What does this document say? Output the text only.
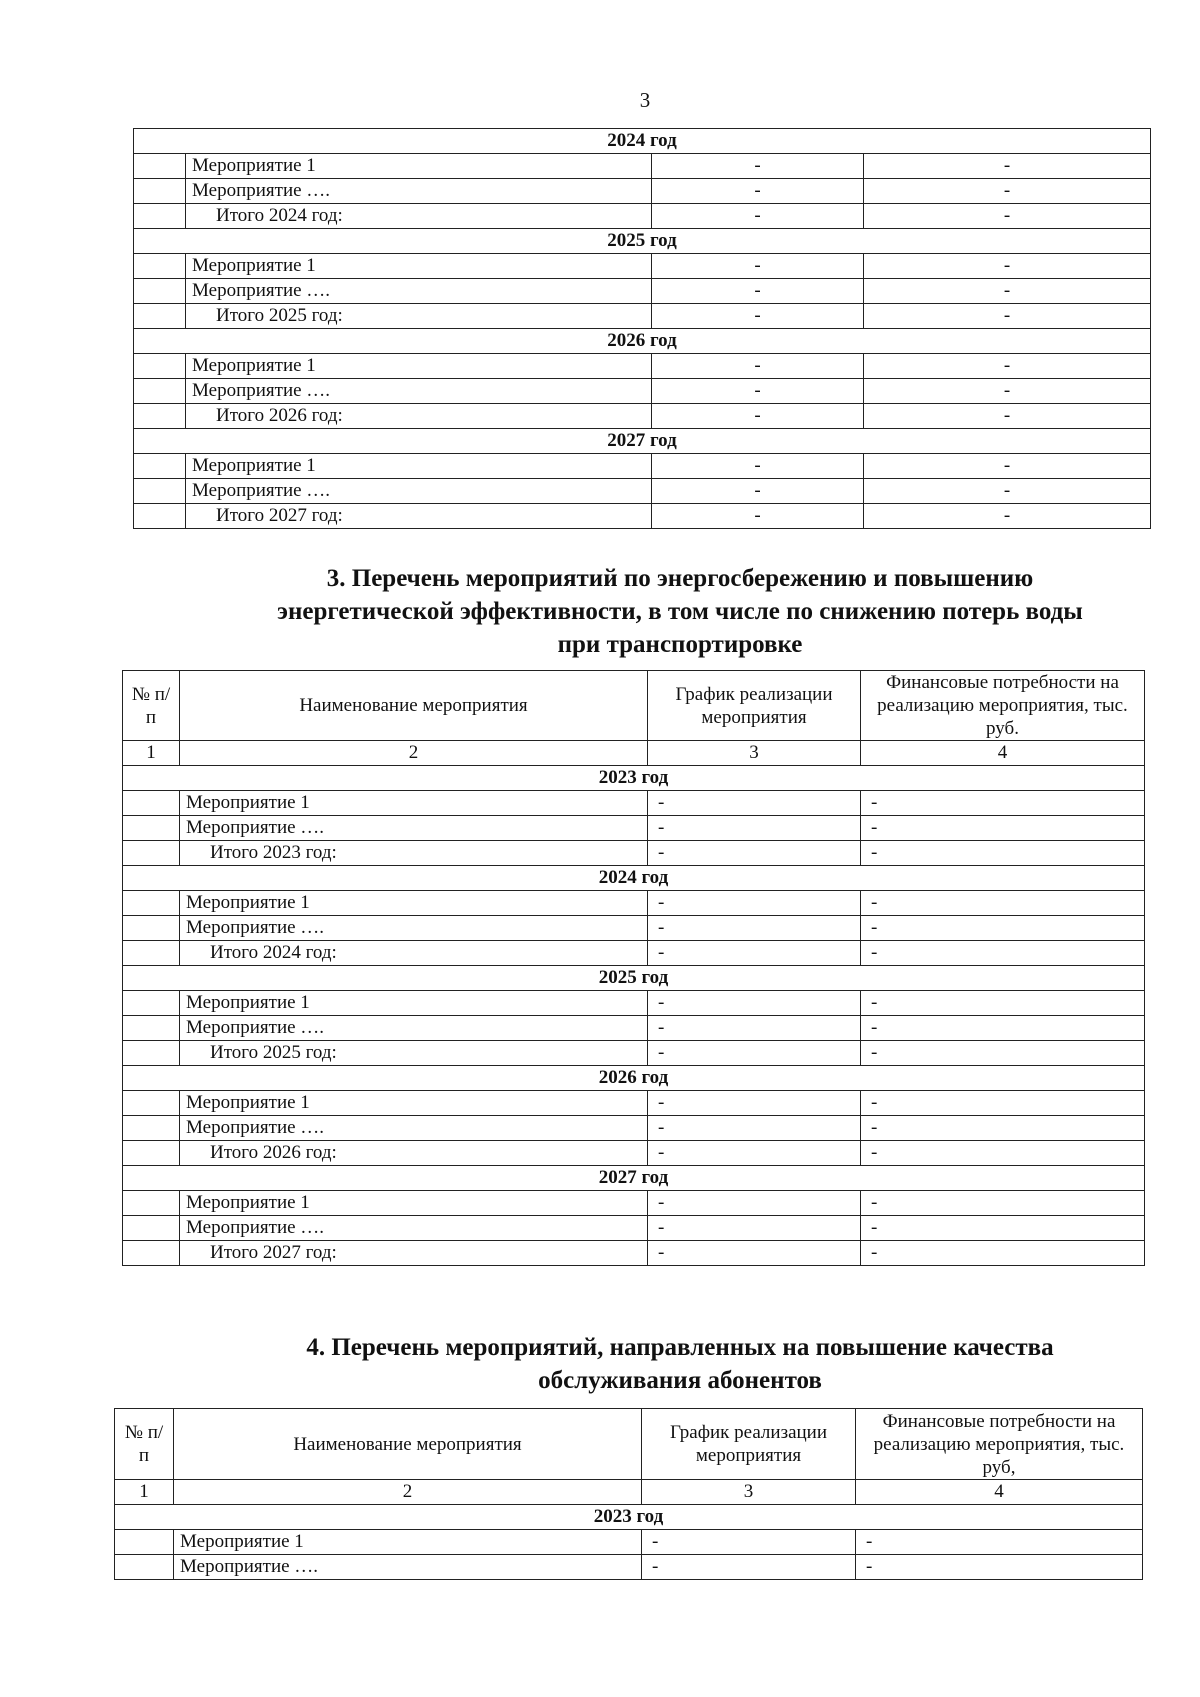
3
2024 год			
	Мероприятие 1	-	-
	Мероприятие ….	-	-
	Итого 2024 год:	-	-
2025 год			
	Мероприятие 1	-	-
	Мероприятие ….	-	-
	Итого 2025 год:	-	-
2026 год			
	Мероприятие 1	-	-
	Мероприятие ….	-	-
	Итого 2026 год:	-	-
2027 год			
	Мероприятие 1	-	-
	Мероприятие ….	-	-
	Итого 2027 год:	-	-
3. Перечень мероприятий по энергосбережению и повышению
энергетической эффективности, в том числе по снижению потерь воды
при транспортировке
№ п/п	Наименование мероприятия	График реализации мероприятия	Финансовые потребности на реализацию мероприятия, тыс. руб.
1	2	3	4
2023 год			
	Мероприятие 1	-	-
	Мероприятие ….	-	-
	Итого 2023 год:	-	-
2024 год			
	Мероприятие 1	-	-
	Мероприятие ….	-	-
	Итого 2024 год:	-	-
2025 год			
	Мероприятие 1	-	-
	Мероприятие ….	-	-
	Итого 2025 год:	-	-
2026 год			
	Мероприятие 1	-	-
	Мероприятие ….	-	-
	Итого 2026 год:	-	-
2027 год			
	Мероприятие 1	-	-
	Мероприятие ….	-	-
	Итого 2027 год:	-	-
4. Перечень мероприятий, направленных на повышение качества
обслуживания абонентов
№ п/п	Наименование мероприятия	График реализации мероприятия	Финансовые потребности на реализацию мероприятия, тыс. руб,
1	2	3	4
2023 год			
	Мероприятие 1	-	-
	Мероприятие ….	-	-
